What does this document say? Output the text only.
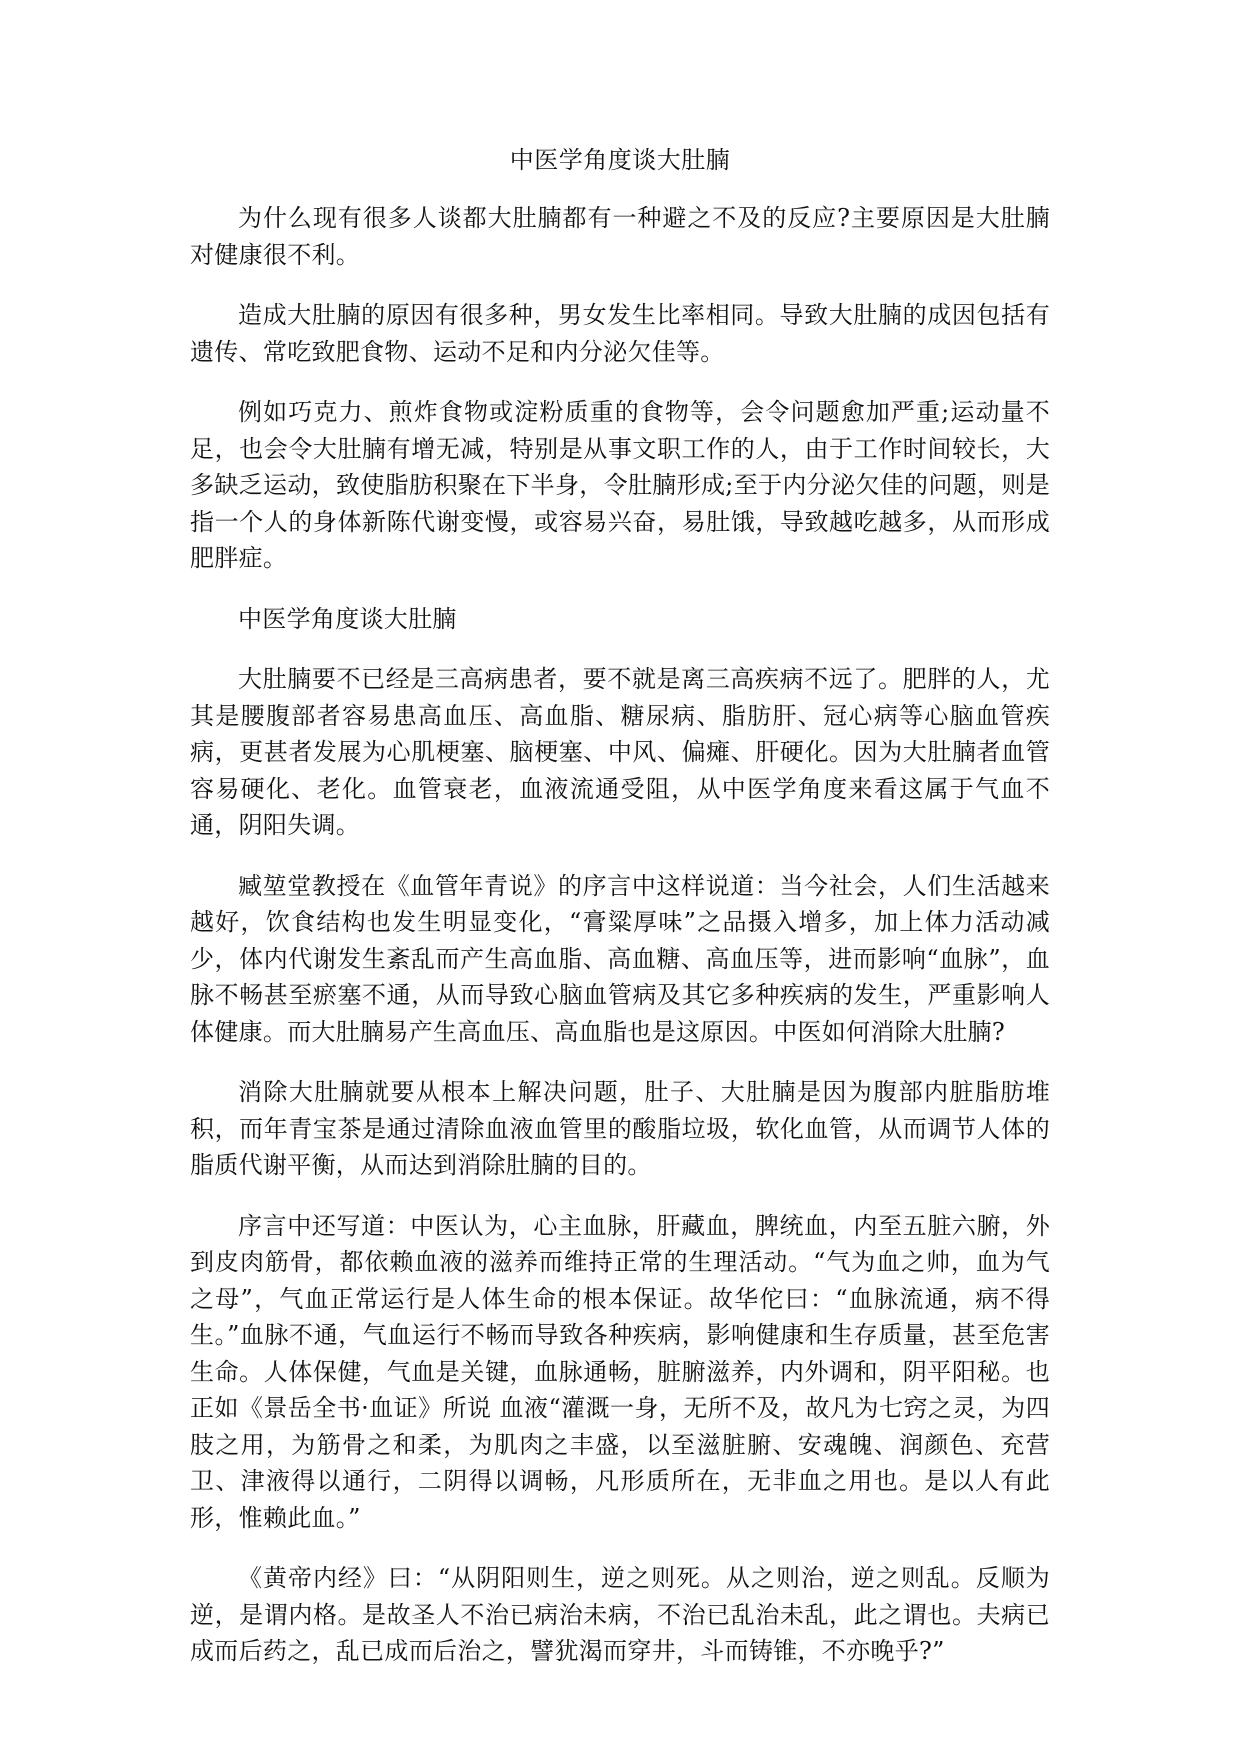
中医学角度谈大肚腩

为什么现有很多人谈都大肚腩都有一种避之不及的反应?主要原因是大肚腩对健康很不利。

造成大肚腩的原因有很多种，男女发生比率相同。导致大肚腩的成因包括有遗传、常吃致肥食物、运动不足和内分泌欠佳等。

例如巧克力、煎炸食物或淀粉质重的食物等，会令问题愈加严重;运动量不足，也会令大肚腩有增无减，特别是从事文职工作的人，由于工作时间较长，大多缺乏运动，致使脂肪积聚在下半身，令肚腩形成;至于内分泌欠佳的问题，则是指一个人的身体新陈代谢变慢，或容易兴奋，易肚饿，导致越吃越多，从而形成肥胖症。

中医学角度谈大肚腩

大肚腩要不已经是三高病患者，要不就是离三高疾病不远了。肥胖的人，尤其是腰腹部者容易患高血压、高血脂、糖尿病、脂肪肝、冠心病等心脑血管疾病，更甚者发展为心肌梗塞、脑梗塞、中风、偏瘫、肝硬化。因为大肚腩者血管容易硬化、老化。血管衰老，血液流通受阻，从中医学角度来看这属于气血不通，阴阳失调。

臧堃堂教授在《血管年青说》的序言中这样说道：当今社会，人们生活越来越好，饮食结构也发生明显变化，“膏粱厚味”之品摄入增多，加上体力活动减少，体内代谢发生紊乱而产生高血脂、高血糖、高血压等，进而影响“血脉”，血脉不畅甚至瘀塞不通，从而导致心脑血管病及其它多种疾病的发生，严重影响人体健康。而大肚腩易产生高血压、高血脂也是这原因。中医如何消除大肚腩?

消除大肚腩就要从根本上解决问题，肚子、大肚腩是因为腹部内脏脂肪堆积，而年青宝茶是通过清除血液血管里的酸脂垃圾，软化血管，从而调节人体的脂质代谢平衡，从而达到消除肚腩的目的。

序言中还写道：中医认为，心主血脉，肝藏血，脾统血，内至五脏六腑，外到皮肉筋骨，都依赖血液的滋养而维持正常的生理活动。“气为血之帅，血为气之母”，气血正常运行是人体生命的根本保证。故华佗曰：“血脉流通，病不得生。”血脉不通，气血运行不畅而导致各种疾病，影响健康和生存质量，甚至危害生命。人体保健，气血是关键，血脉通畅，脏腑滋养，内外调和，阴平阳秘。也正如《景岳全书·血证》所说 血液“灌溉一身，无所不及，故凡为七窍之灵，为四肢之用，为筋骨之和柔，为肌肉之丰盛，以至滋脏腑、安魂魄、润颜色、充营卫、津液得以通行，二阴得以调畅，凡形质所在，无非血之用也。是以人有此形，惟赖此血。”

《黄帝内经》曰：“从阴阳则生，逆之则死。从之则治，逆之则乱。反顺为逆，是谓内格。是故圣人不治已病治未病，不治已乱治未乱，此之谓也。夫病已成而后药之，乱已成而后治之，譬犹渴而穿井，斗而铸锥，不亦晚乎?”
